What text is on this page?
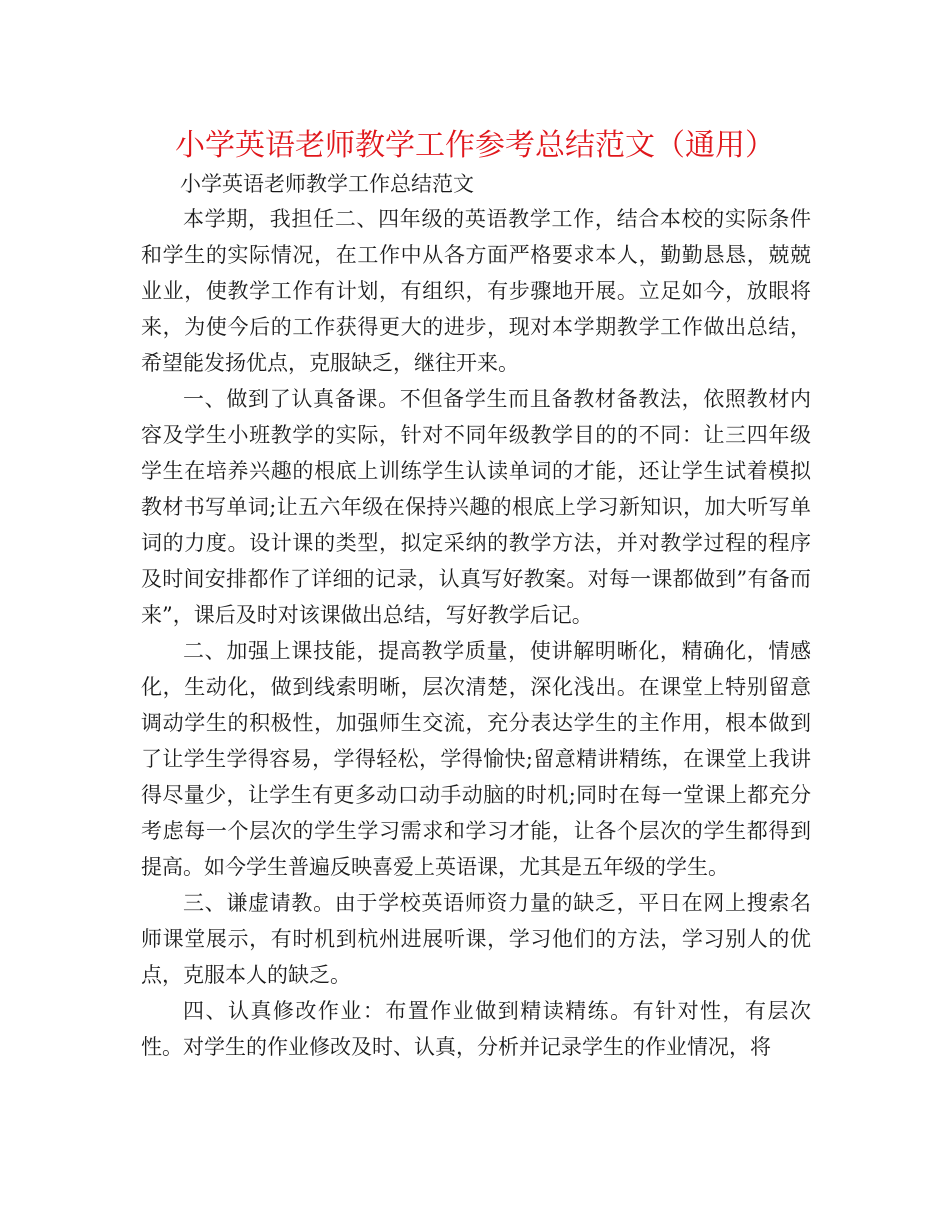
小学英语老师教学工作参考总结范文（通用）
小学英语老师教学工作总结范文

本学期，我担任二、四年级的英语教学工作，结合本校的实际条件和学生的实际情况，在工作中从各方面严格要求本人，勤勤恳恳，兢兢业业，使教学工作有计划，有组织，有步骤地开展。立足如今，放眼将来，为使今后的工作获得更大的进步，现对本学期教学工作做出总结，希望能发扬优点，克服缺乏，继往开来。

一、做到了认真备课。不但备学生而且备教材备教法，依照教材内容及学生小班教学的实际，针对不同年级教学目的的不同：让三四年级学生在培养兴趣的根底上训练学生认读单词的才能，还让学生试着模拟教材书写单词;让五六年级在保持兴趣的根底上学习新知识，加大听写单词的力度。设计课的类型，拟定采纳的教学方法，并对教学过程的程序及时间安排都作了详细的记录，认真写好教案。对每一课都做到”有备而来”，课后及时对该课做出总结，写好教学后记。

二、加强上课技能，提高教学质量，使讲解明晰化，精确化，情感化，生动化，做到线索明晰，层次清楚，深化浅出。在课堂上特别留意调动学生的积极性，加强师生交流，充分表达学生的主作用，根本做到了让学生学得容易，学得轻松，学得愉快;留意精讲精练，在课堂上我讲得尽量少，让学生有更多动口动手动脑的时机;同时在每一堂课上都充分考虑每一个层次的学生学习需求和学习才能，让各个层次的学生都得到提高。如今学生普遍反映喜爱上英语课，尤其是五年级的学生。

三、谦虚请教。由于学校英语师资力量的缺乏，平日在网上搜索名师课堂展示，有时机到杭州进展听课，学习他们的方法，学习别人的优点，克服本人的缺乏。

四、认真修改作业：布置作业做到精读精练。有针对性，有层次性。对学生的作业修改及时、认真，分析并记录学生的作业情况，将
